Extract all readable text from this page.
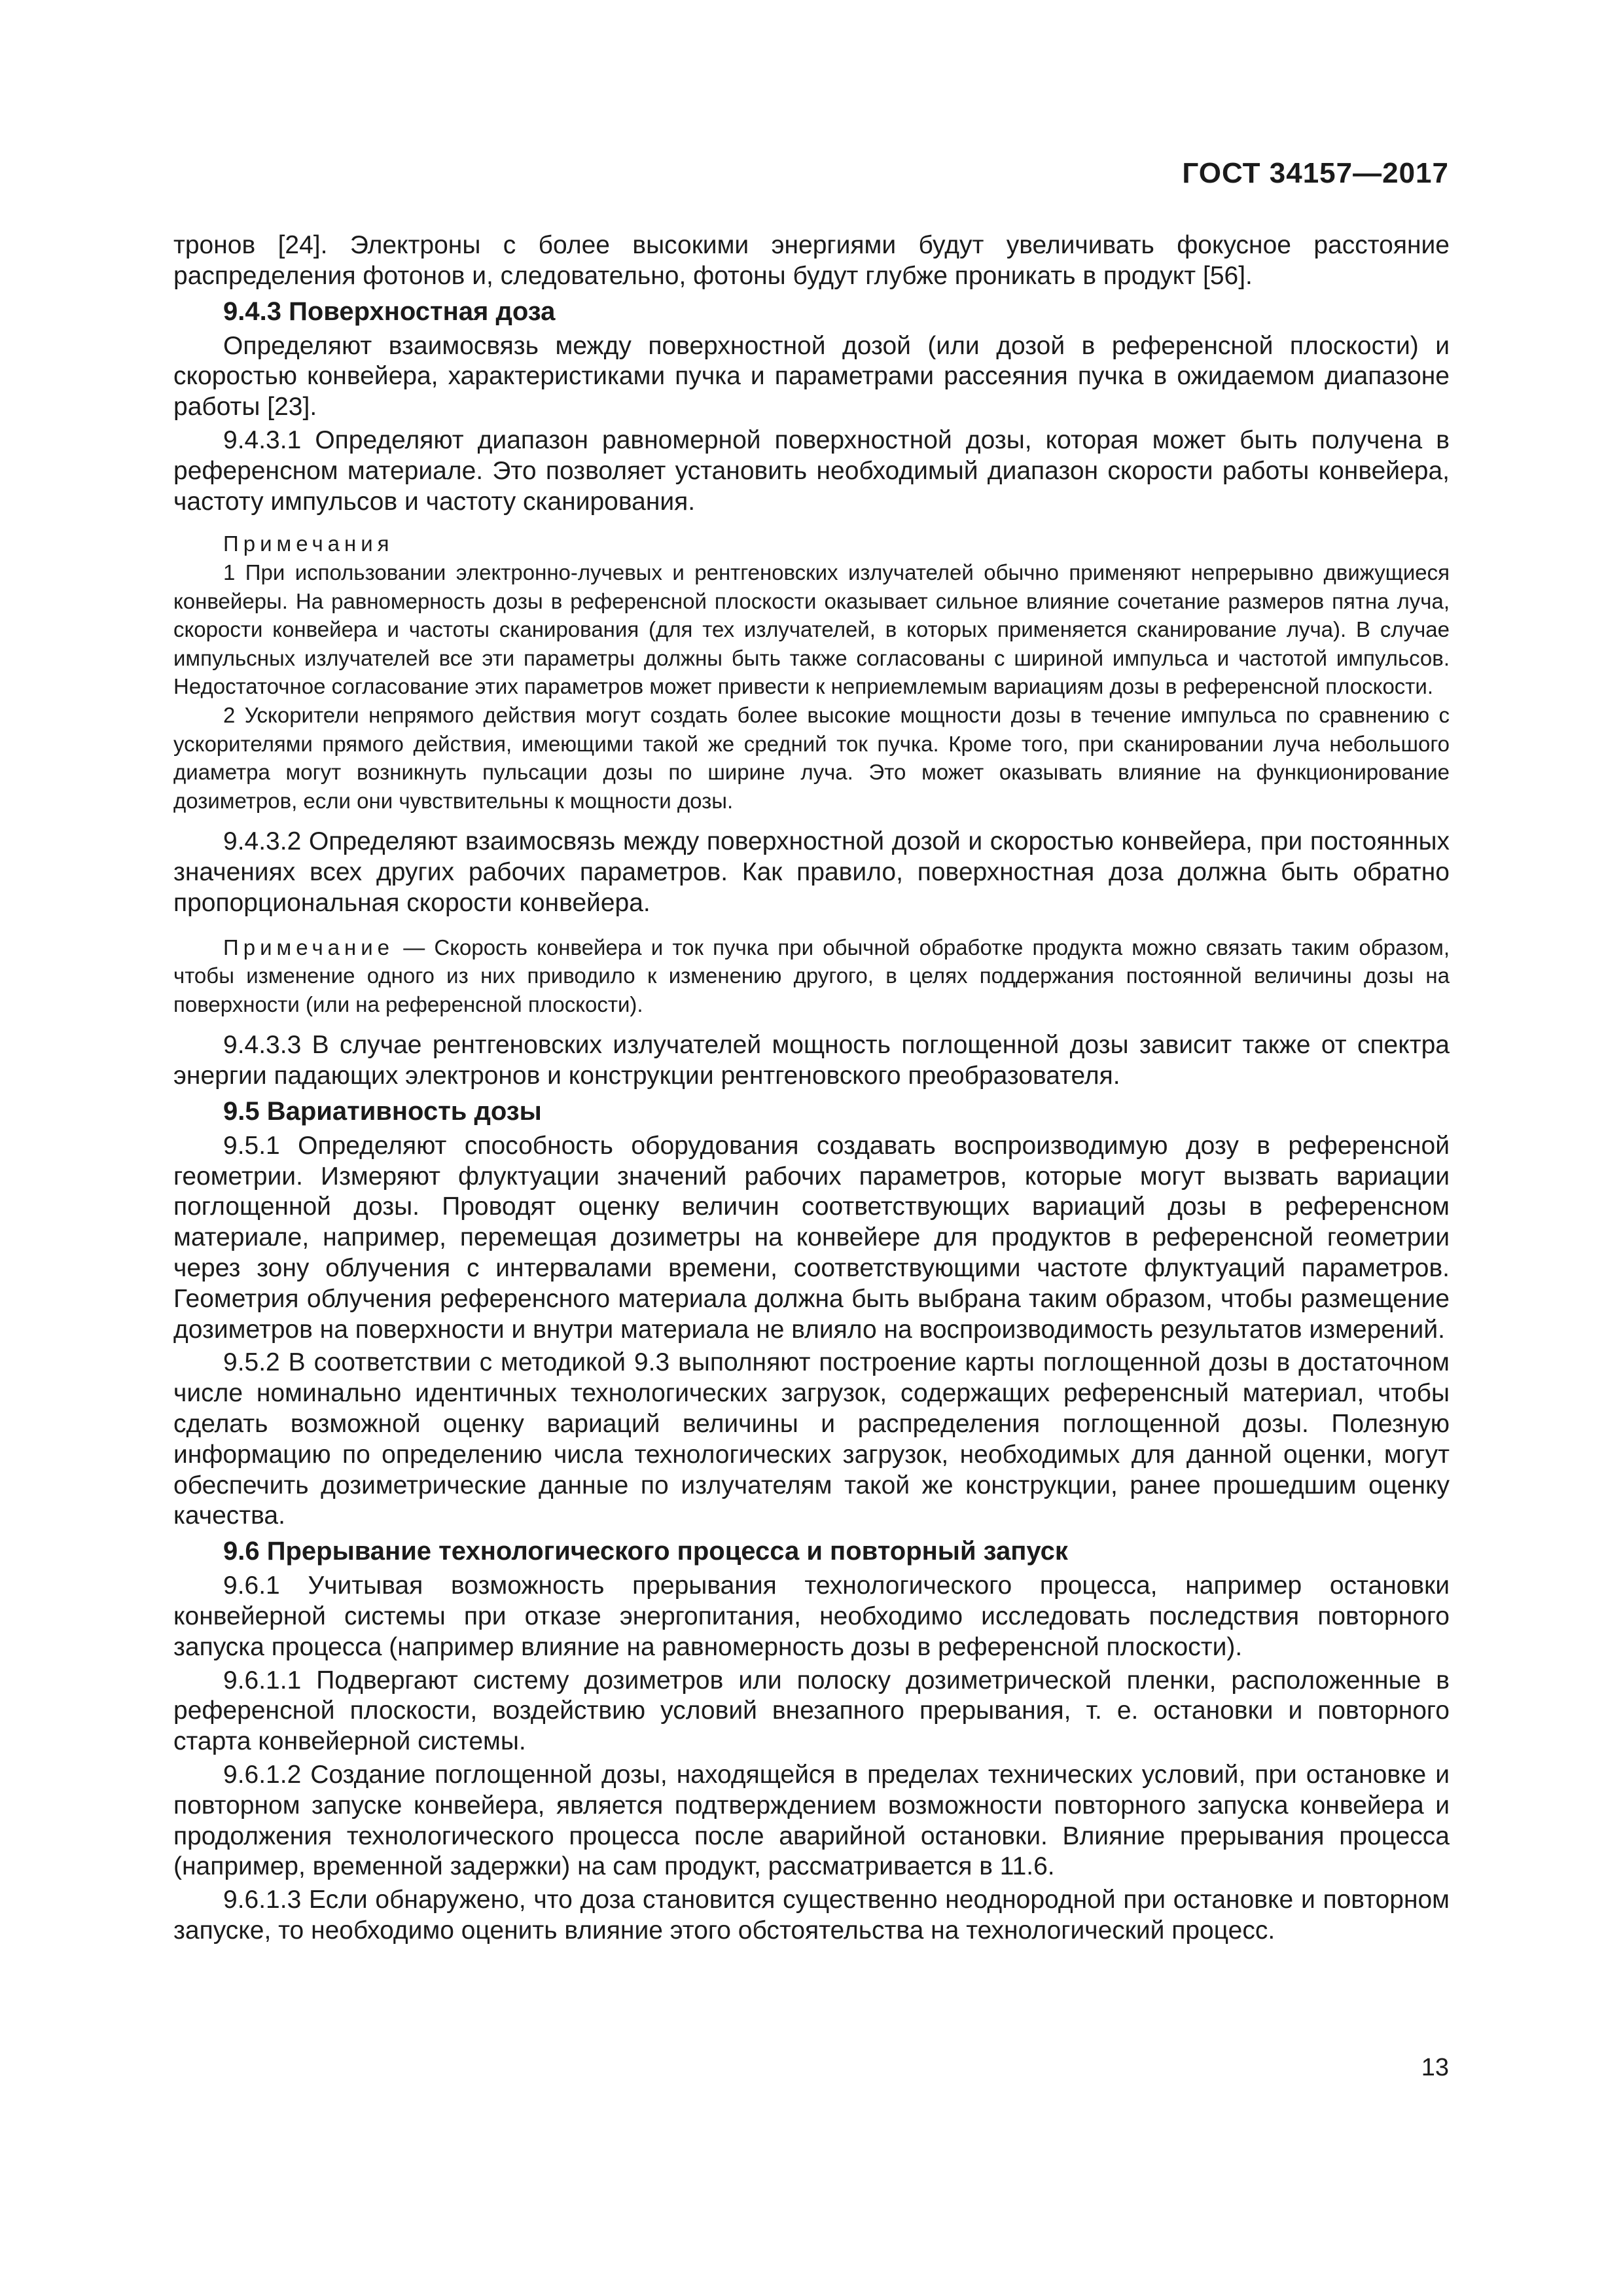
ГОСТ 34157—2017

тронов [24]. Электроны с более высокими энергиями будут увеличивать фокусное расстояние распределения фотонов и, следовательно, фотоны будут глубже проникать в продукт [56].

9.4.3 Поверхностная доза

Определяют взаимосвязь между поверхностной дозой (или дозой в референсной плоскости) и скоростью конвейера, характеристиками пучка и параметрами рассеяния пучка в ожидаемом диапазоне работы [23].

9.4.3.1 Определяют диапазон равномерной поверхностной дозы, которая может быть получена в референсном материале. Это позволяет установить необходимый диапазон скорости работы конвейера, частоту импульсов и частоту сканирования.

Примечания

1 При использовании электронно-лучевых и рентгеновских излучателей обычно применяют непрерывно движущиеся конвейеры. На равномерность дозы в референсной плоскости оказывает сильное влияние сочетание размеров пятна луча, скорости конвейера и частоты сканирования (для тех излучателей, в которых применяется сканирование луча). В случае импульсных излучателей все эти параметры должны быть также согласованы с шириной импульса и частотой импульсов. Недостаточное согласование этих параметров может привести к неприемлемым вариациям дозы в референсной плоскости.

2 Ускорители непрямого действия могут создать более высокие мощности дозы в течение импульса по сравнению с ускорителями прямого действия, имеющими такой же средний ток пучка. Кроме того, при сканировании луча небольшого диаметра могут возникнуть пульсации дозы по ширине луча. Это может оказывать влияние на функционирование дозиметров, если они чувствительны к мощности дозы.

9.4.3.2 Определяют взаимосвязь между поверхностной дозой и скоростью конвейера, при постоянных значениях всех других рабочих параметров. Как правило, поверхностная доза должна быть обратно пропорциональная скорости конвейера.

Примечание — Скорость конвейера и ток пучка при обычной обработке продукта можно связать таким образом, чтобы изменение одного из них приводило к изменению другого, в целях поддержания постоянной величины дозы на поверхности (или на референсной плоскости).

9.4.3.3 В случае рентгеновских излучателей мощность поглощенной дозы зависит также от спектра энергии падающих электронов и конструкции рентгеновского преобразователя.

9.5 Вариативность дозы

9.5.1 Определяют способность оборудования создавать воспроизводимую дозу в референсной геометрии. Измеряют флуктуации значений рабочих параметров, которые могут вызвать вариации поглощенной дозы. Проводят оценку величин соответствующих вариаций дозы в референсном материале, например, перемещая дозиметры на конвейере для продуктов в референсной геометрии через зону облучения с интервалами времени, соответствующими частоте флуктуаций параметров. Геометрия облучения референсного материала должна быть выбрана таким образом, чтобы размещение дозиметров на поверхности и внутри материала не влияло на воспроизводимость результатов измерений.

9.5.2 В соответствии с методикой 9.3 выполняют построение карты поглощенной дозы в достаточном числе номинально идентичных технологических загрузок, содержащих референсный материал, чтобы сделать возможной оценку вариаций величины и распределения поглощенной дозы. Полезную информацию по определению числа технологических загрузок, необходимых для данной оценки, могут обеспечить дозиметрические данные по излучателям такой же конструкции, ранее прошедшим оценку качества.

9.6 Прерывание технологического процесса и повторный запуск

9.6.1 Учитывая возможность прерывания технологического процесса, например остановки конвейерной системы при отказе энергопитания, необходимо исследовать последствия повторного запуска процесса (например влияние на равномерность дозы в референсной плоскости).

9.6.1.1 Подвергают систему дозиметров или полоску дозиметрической пленки, расположенные в референсной плоскости, воздействию условий внезапного прерывания, т. е. остановки и повторного старта конвейерной системы.

9.6.1.2 Создание поглощенной дозы, находящейся в пределах технических условий, при остановке и повторном запуске конвейера, является подтверждением возможности повторного запуска конвейера и продолжения технологического процесса после аварийной остановки. Влияние прерывания процесса (например, временной задержки) на сам продукт, рассматривается в 11.6.

9.6.1.3 Если обнаружено, что доза становится существенно неоднородной при остановке и повторном запуске, то необходимо оценить влияние этого обстоятельства на технологический процесс.

13
